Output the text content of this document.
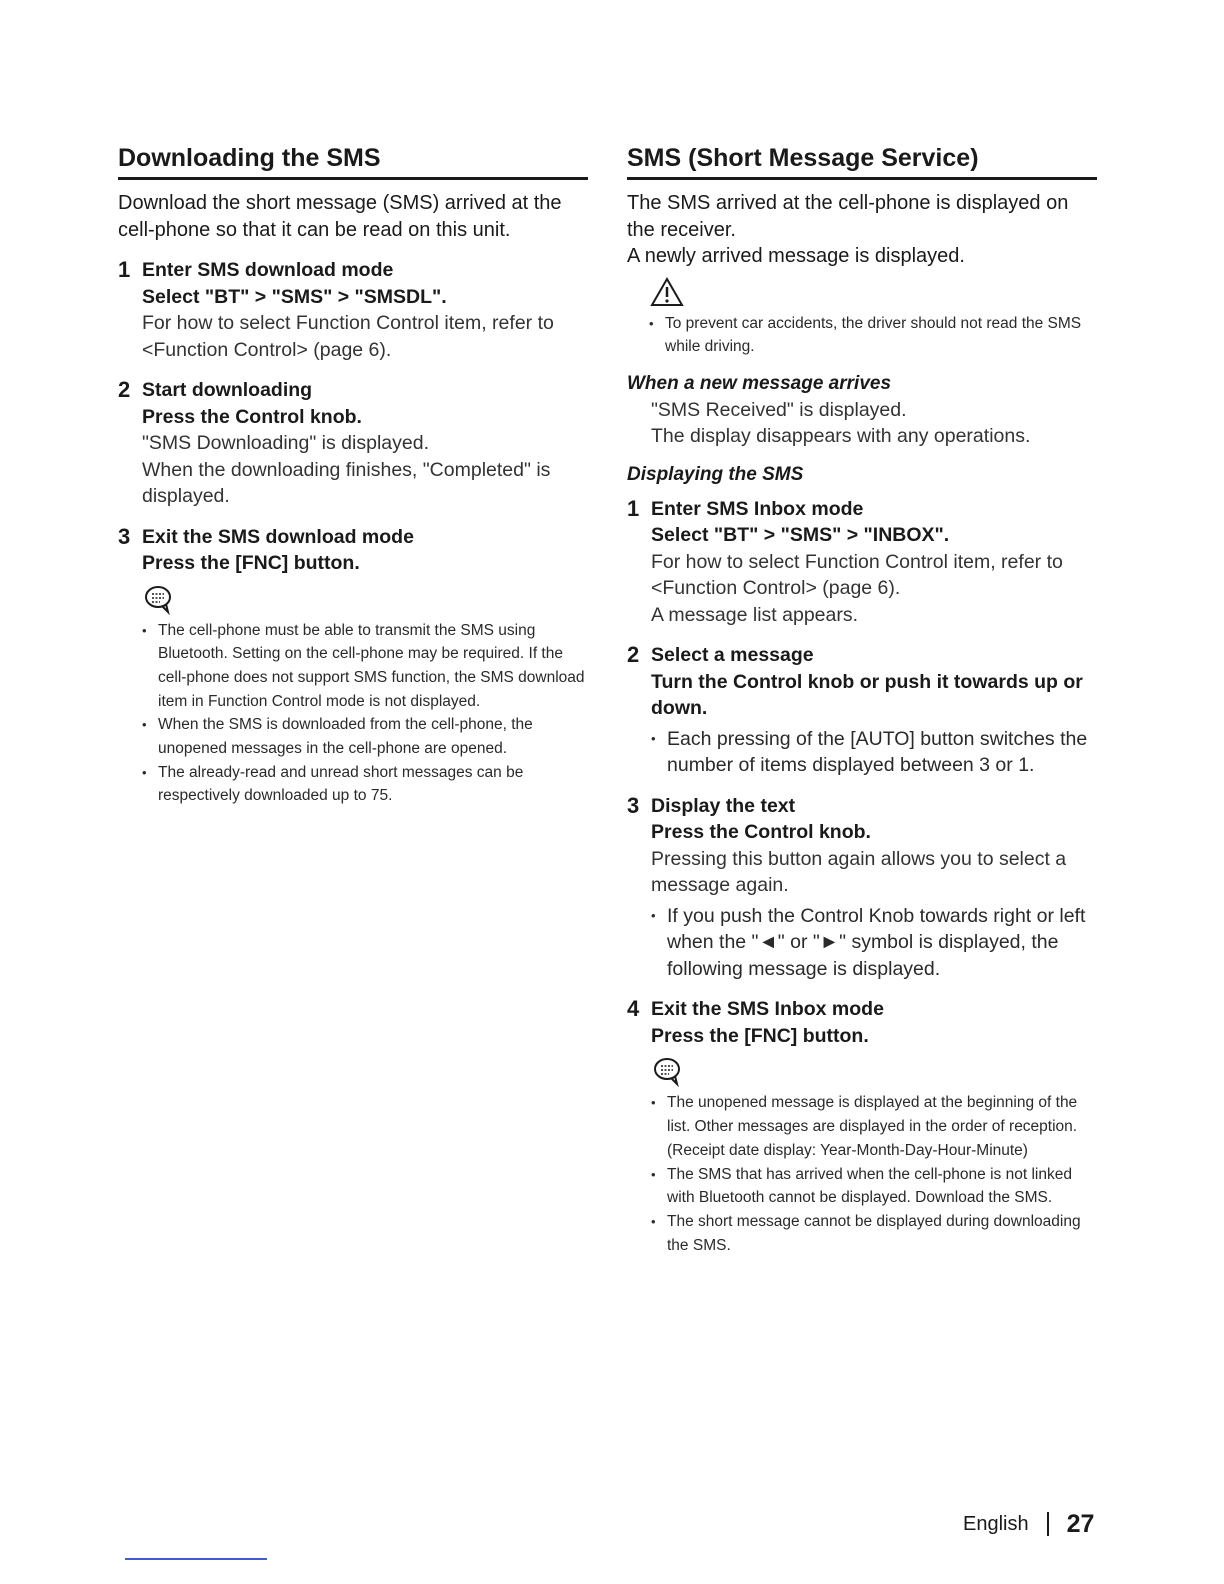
Downloading the SMS

Download the short message (SMS) arrived at the cell-phone so that it can be read on this unit.

1 Enter SMS download mode
Select "BT" > "SMS" > "SMSDL".
For how to select Function Control item, refer to <Function Control> (page 6).
2 Start downloading
Press the Control knob.
"SMS Downloading" is displayed.
When the downloading finishes, "Completed" is displayed.
3 Exit the SMS download mode
Press the [FNC] button.
• The cell-phone must be able to transmit the SMS using Bluetooth. Setting on the cell-phone may be required. If the cell-phone does not support SMS function, the SMS download item in Function Control mode is not displayed.
• When the SMS is downloaded from the cell-phone, the unopened messages in the cell-phone are opened.
• The already-read and unread short messages can be respectively downloaded up to 75.
SMS (Short Message Service)

The SMS arrived at the cell-phone is displayed on the receiver.

A newly arrived message is displayed.

• To prevent car accidents, the driver should not read the SMS while driving.
When a new message arrives
"SMS Received" is displayed.
The display disappears with any operations.
Displaying the SMS
1 Enter SMS Inbox mode
Select "BT" > "SMS" > "INBOX".
For how to select Function Control item, refer to <Function Control> (page 6).
A message list appears.
2 Select a message
Turn the Control knob or push it towards up or down.
• Each pressing of the [AUTO] button switches the number of items displayed between 3 or 1.
3 Display the text
Press the Control knob.
Pressing this button again allows you to select a message again.
• If you push the Control Knob towards right or left when the "◄" or "►" symbol is displayed, the following message is displayed.
4 Exit the SMS Inbox mode
Press the [FNC] button.
• The unopened message is displayed at the beginning of the list. Other messages are displayed in the order of reception. (Receipt date display: Year-Month-Day-Hour-Minute)
• The SMS that has arrived when the cell-phone is not linked with Bluetooth cannot be displayed. Download the SMS.
• The short message cannot be displayed during downloading the SMS.
English 27
